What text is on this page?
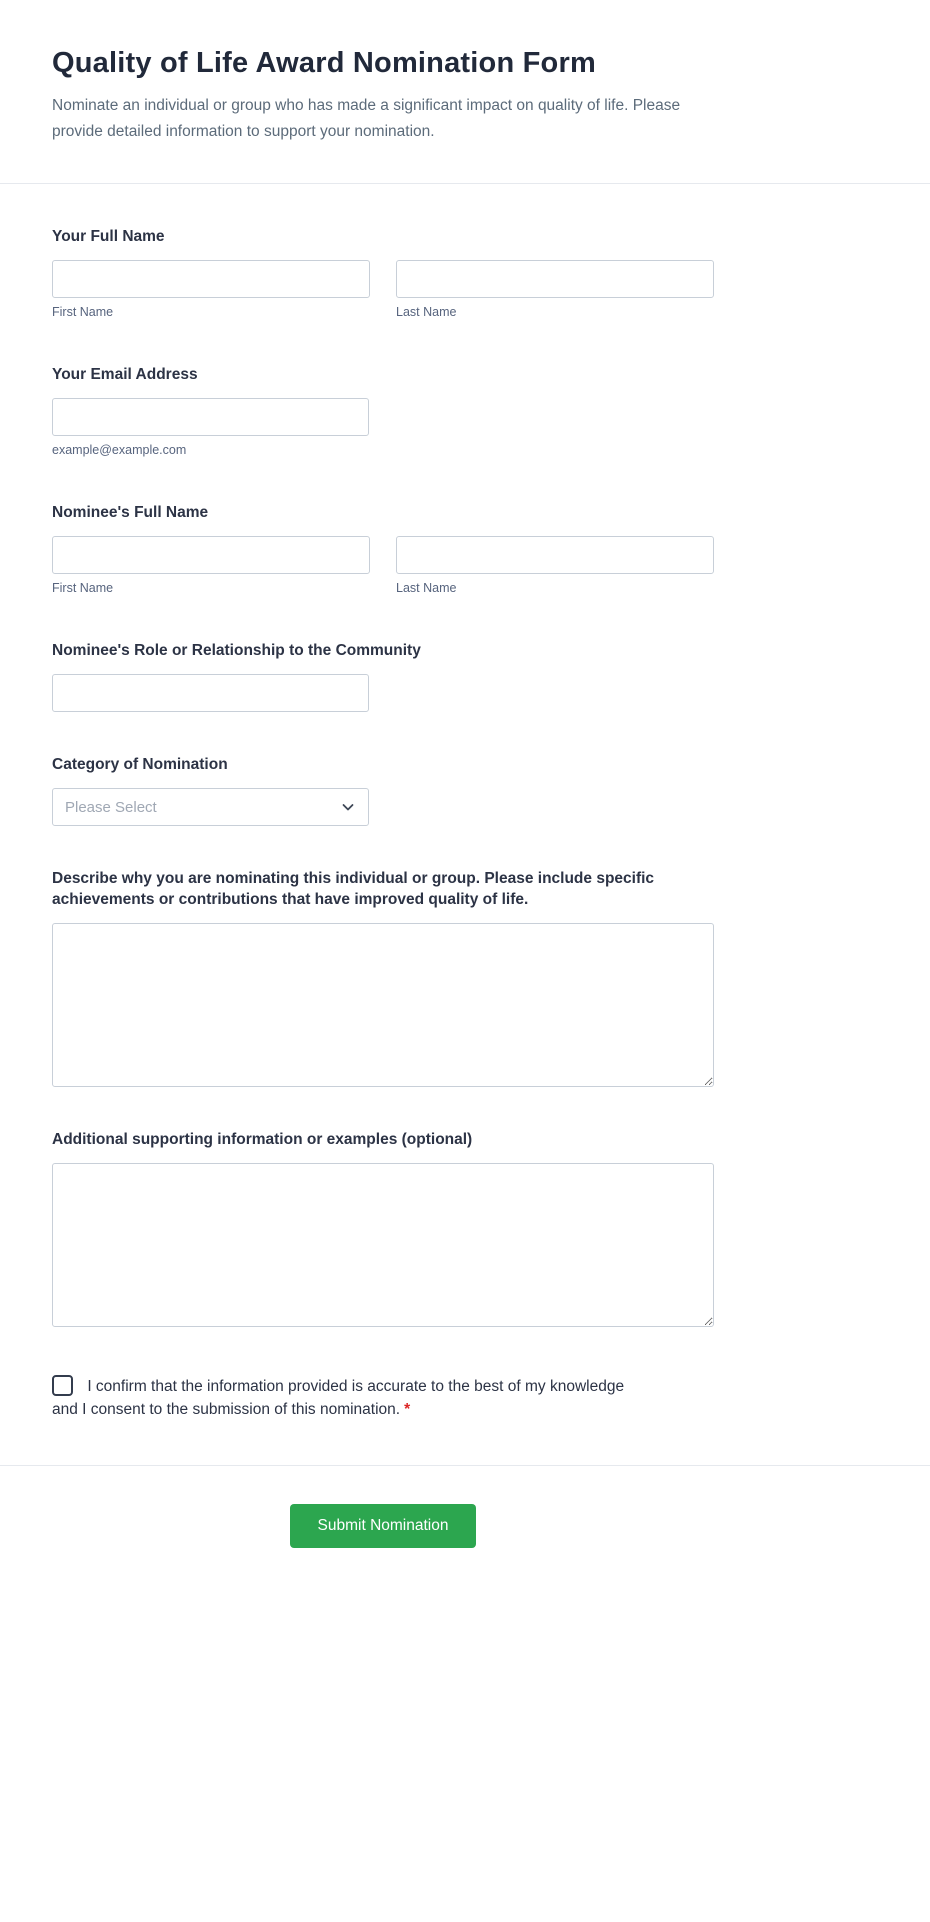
Quality of Life Award Nomination Form

Nominate an individual or group who has made a significant impact on quality of life. Please provide detailed information to support your nomination.

Your Full Name
First Name	Last Name
Your Email Address
example@example.com
Nominee's Full Name
First Name	Last Name
Nominee's Role or Relationship to the Community
Category of Nomination
Please Select
Describe why you are nominating this individual or group. Please include specific achievements or contributions that have improved quality of life.
Additional supporting information or examples (optional)
I confirm that the information provided is accurate to the best of my knowledge and I consent to the submission of this nomination. *
Submit Nomination
